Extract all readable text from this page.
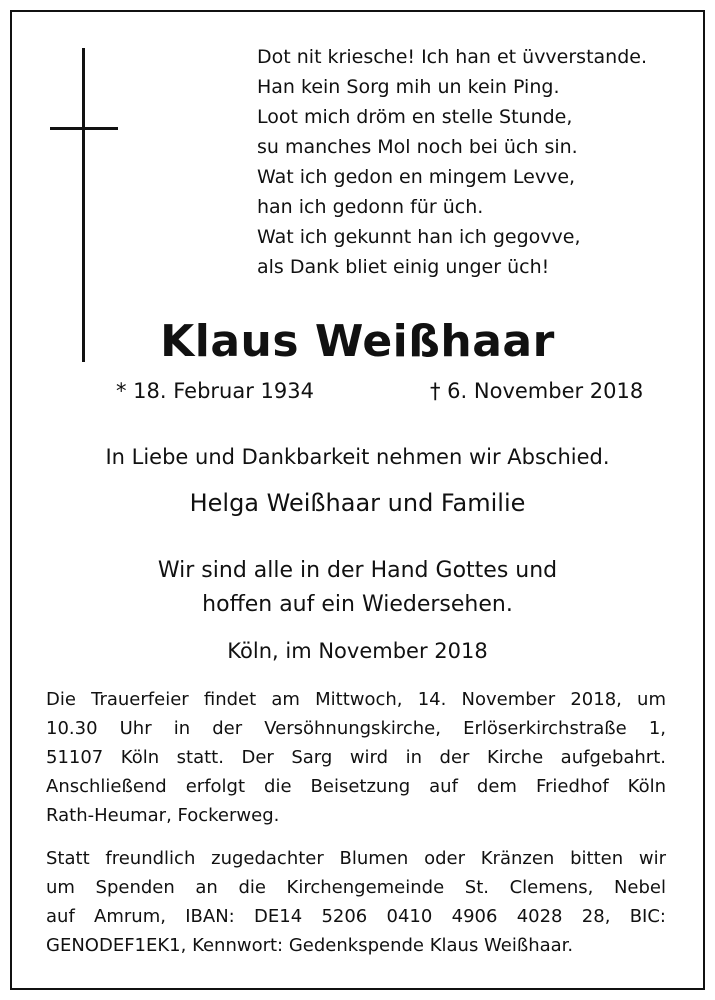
Dot nit kriesche! Ich han et üvverstande.
Han kein Sorg mih un kein Ping.
Loot mich dröm en stelle Stunde,
su manches Mol noch bei üch sin.
Wat ich gedon en mingem Levve,
han ich gedonn für üch.
Wat ich gekunnt han ich gegovve,
als Dank bliet einig unger üch!
Klaus Weißhaar
* 18. Februar 1934	† 6. November 2018
In Liebe und Dankbarkeit nehmen wir Abschied.
Helga Weißhaar und Familie
Wir sind alle in der Hand Gottes und
hoffen auf ein Wiedersehen.
Köln, im November 2018
Die Trauerfeier findet am Mittwoch, 14. November 2018, um
10.30 Uhr in der Versöhnungskirche, Erlöserkirchstraße 1,
51107 Köln statt. Der Sarg wird in der Kirche aufgebahrt.
Anschließend erfolgt die Beisetzung auf dem Friedhof Köln
Rath-Heumar, Fockerweg.
Statt freundlich zugedachter Blumen oder Kränzen bitten wir
um Spenden an die Kirchengemeinde St. Clemens, Nebel
auf Amrum, IBAN: DE14 5206 0410 4906 4028 28, BIC:
GENODEF1EK1, Kennwort: Gedenkspende Klaus Weißhaar.
